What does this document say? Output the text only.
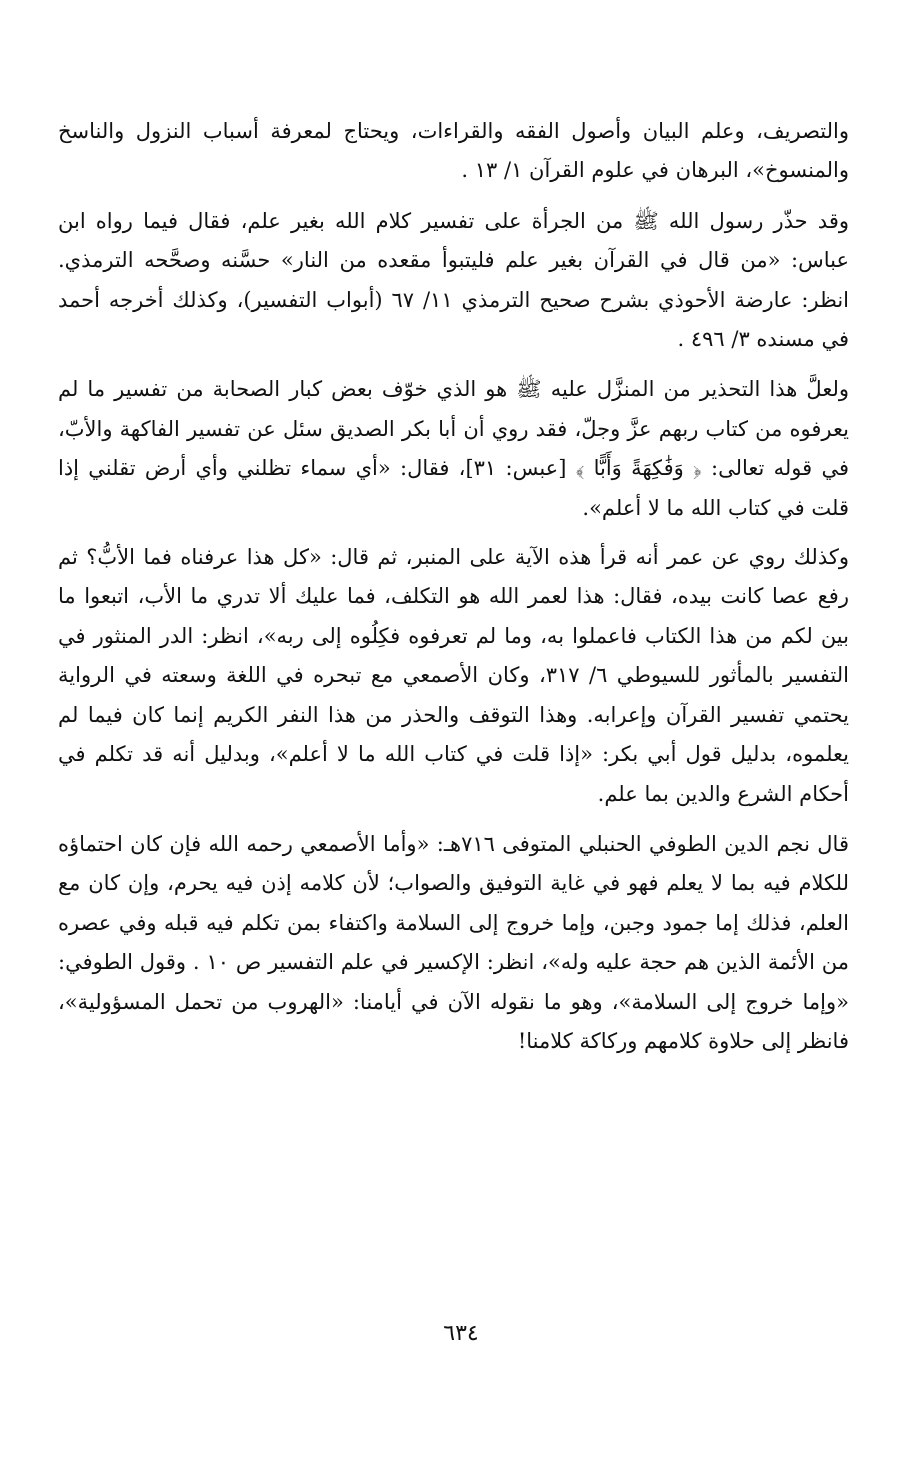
والتصريف، وعلم البيان وأصول الفقه والقراءات، ويحتاج لمعرفة أسباب النزول والناسخ والمنسوخ»، البرهان في علوم القرآن ١/ ١٣ .

وقد حذّر رسول الله ﷺ من الجرأة على تفسير كلام الله بغير علم، فقال فيما رواه ابن عباس: «من قال في القرآن بغير علم فليتبوأ مقعده من النار» حسَّنه وصحَّحه الترمذي. انظر: عارضة الأحوذي بشرح صحيح الترمذي ١١/ ٦٧ (أبواب التفسير)، وكذلك أخرجه أحمد في مسنده ٣/ ٤٩٦ .

ولعلَّ هذا التحذير من المنزَّل عليه ﷺ هو الذي خوّف بعض كبار الصحابة من تفسير ما لم يعرفوه من كتاب ربهم عزَّ وجلّ، فقد روي أن أبا بكر الصديق سئل عن تفسير الفاكهة والأبّ، في قوله تعالى: ﴿ وَفَٰكِهَةً وَأَبًّا ﴾ [عبس: ٣١]، فقال: «أي سماء تظلني وأي أرض تقلني إذا قلت في كتاب الله ما لا أعلم».

وكذلك روي عن عمر أنه قرأ هذه الآية على المنبر، ثم قال: «كل هذا عرفناه فما الأبُّ؟ ثم رفع عصا كانت بيده، فقال: هذا لعمر الله هو التكلف، فما عليك ألا تدري ما الأب، اتبعوا ما بين لكم من هذا الكتاب فاعملوا به، وما لم تعرفوه فكِلُوه إلى ربه»، انظر: الدر المنثور في التفسير بالمأثور للسيوطي ٦/ ٣١٧، وكان الأصمعي مع تبحره في اللغة وسعته في الرواية يحتمي تفسير القرآن وإعرابه. وهذا التوقف والحذر من هذا النفر الكريم إنما كان فيما لم يعلموه، بدليل قول أبي بكر: «إذا قلت في كتاب الله ما لا أعلم»، وبدليل أنه قد تكلم في أحكام الشرع والدين بما علم.

قال نجم الدين الطوفي الحنبلي المتوفى ٧١٦هـ: «وأما الأصمعي رحمه الله فإن كان احتماؤه للكلام فيه بما لا يعلم فهو في غاية التوفيق والصواب؛ لأن كلامه إذن فيه يحرم، وإن كان مع العلم، فذلك إما جمود وجبن، وإما خروج إلى السلامة واكتفاء بمن تكلم فيه قبله وفي عصره من الأئمة الذين هم حجة عليه وله»، انظر: الإكسير في علم التفسير ص ١٠ . وقول الطوفي: «وإما خروج إلى السلامة»، وهو ما نقوله الآن في أيامنا: «الهروب من تحمل المسؤولية»، فانظر إلى حلاوة كلامهم وركاكة كلامنا!

٦٣٤
